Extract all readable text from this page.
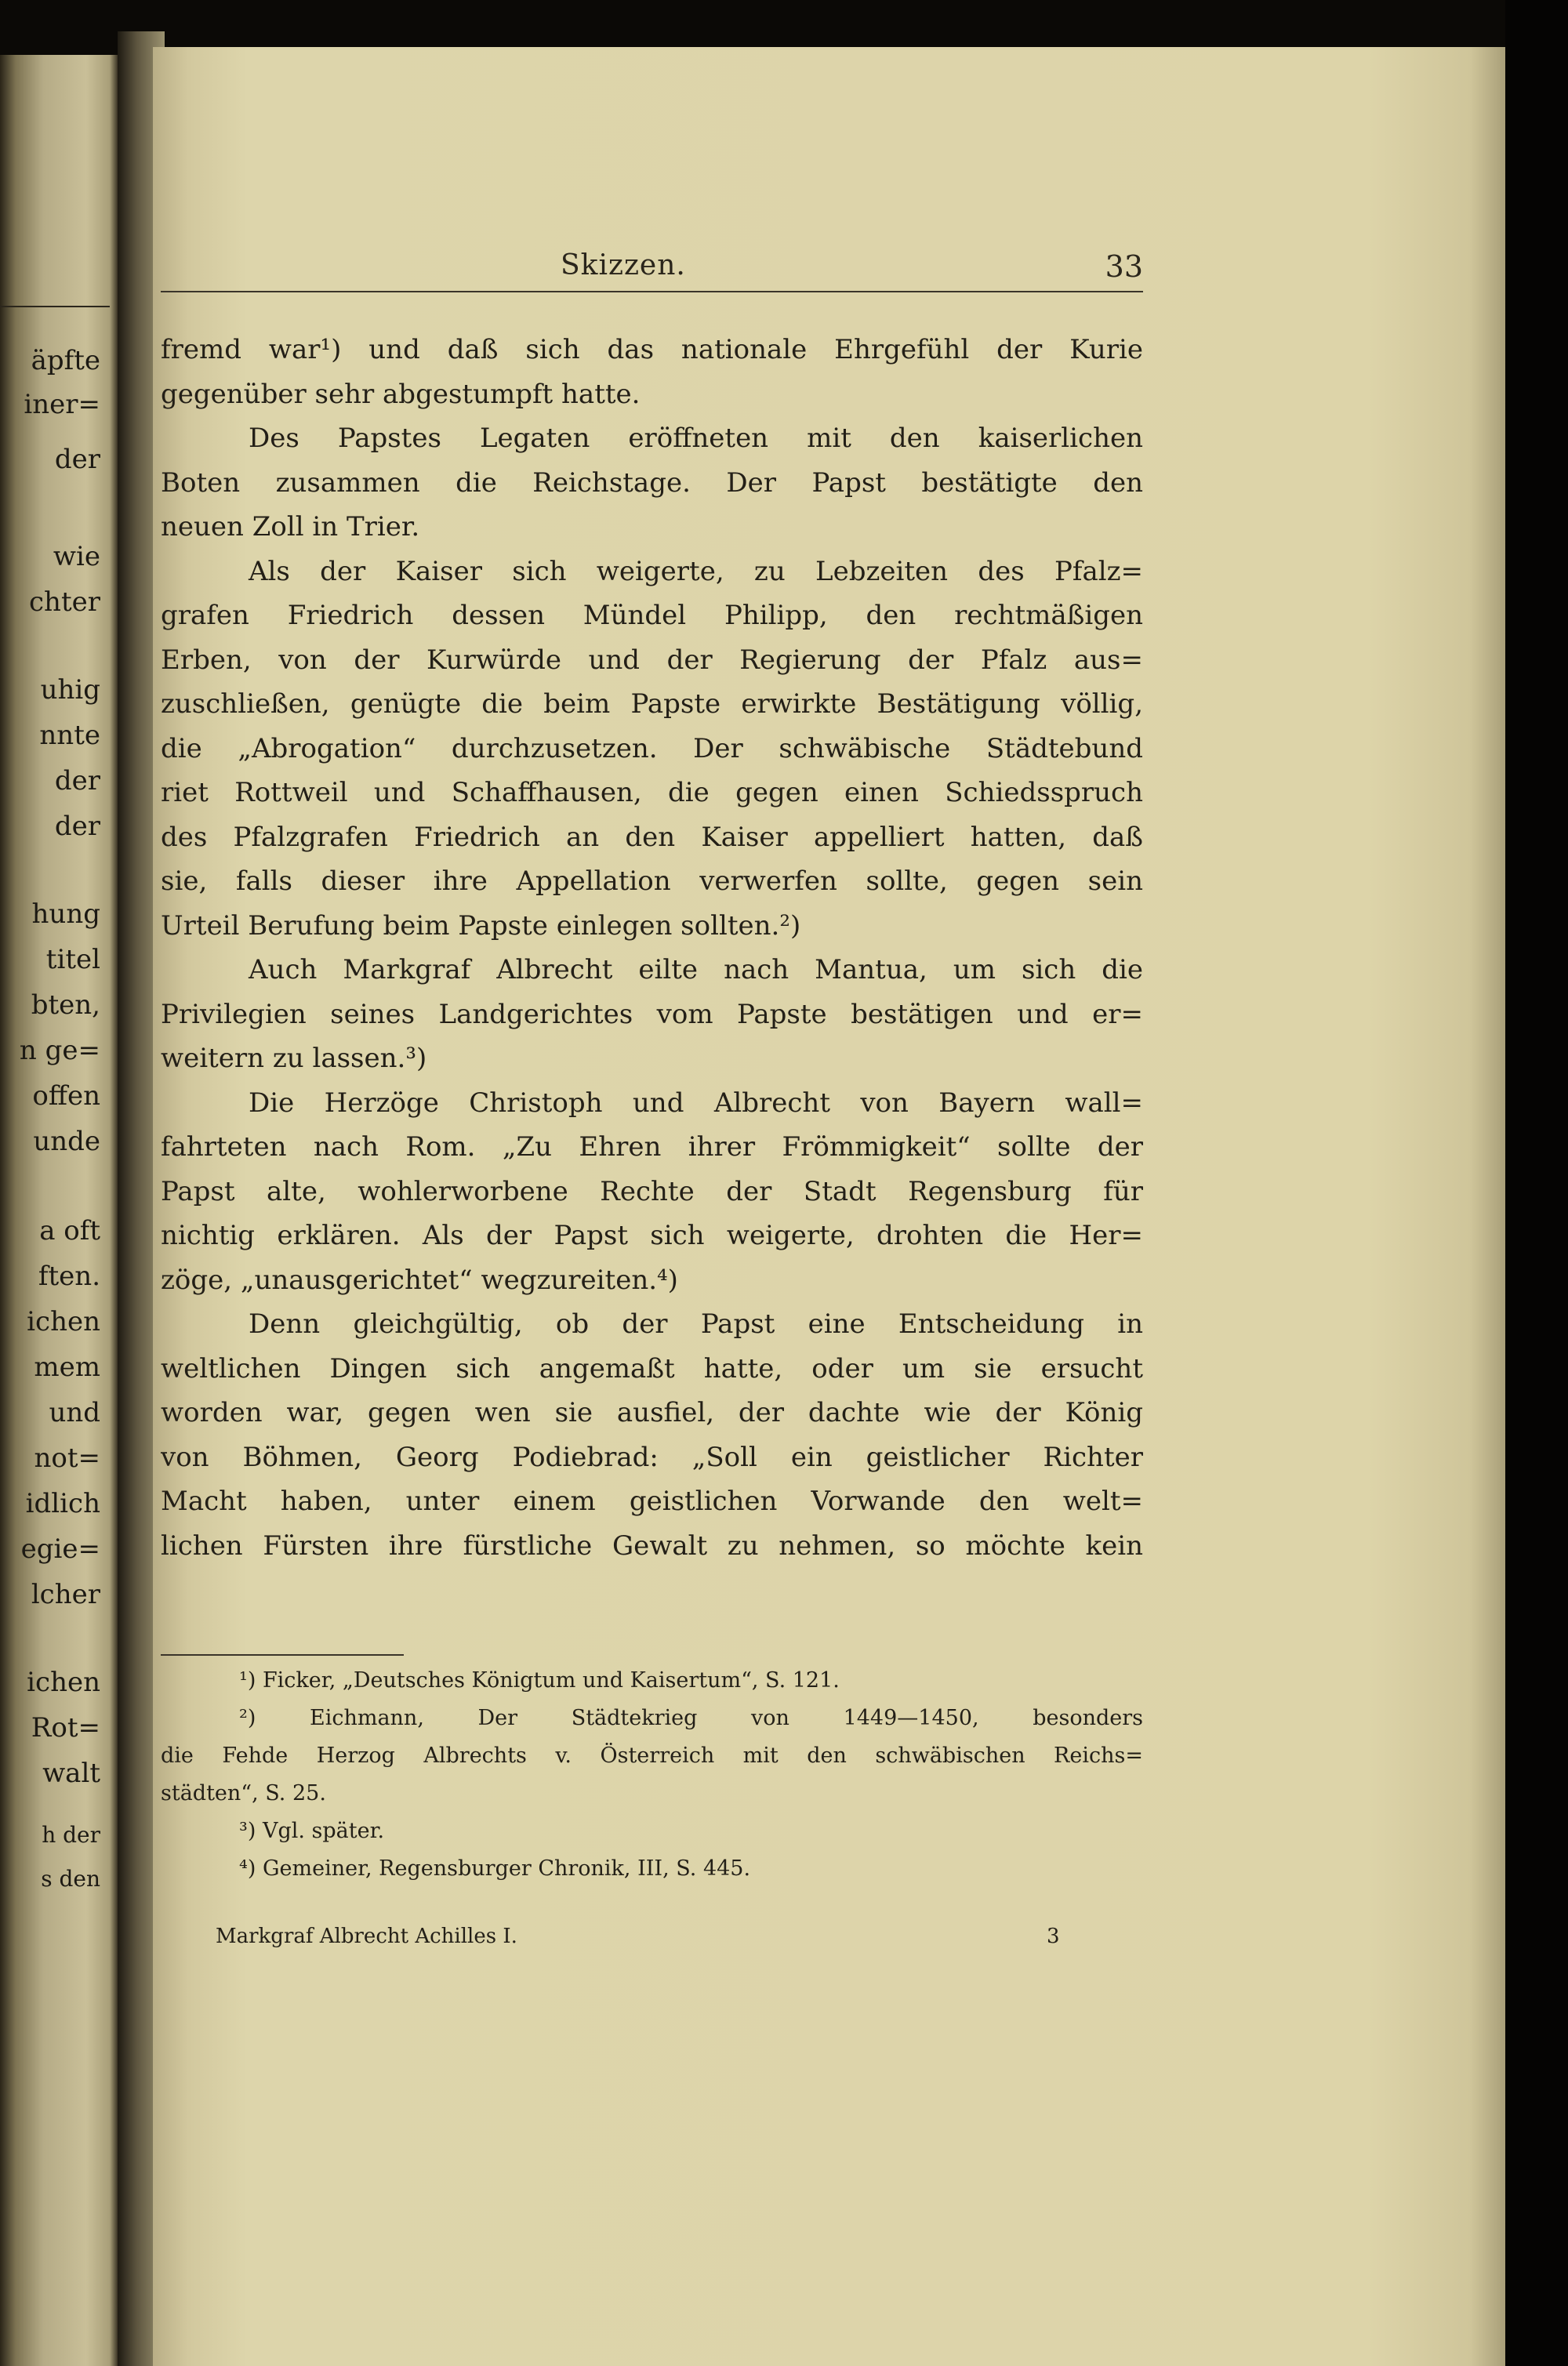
äpfte
iner=
der
wie
chter
uhig
nnte
der
der
hung
titel
bten,
n ge=
offen
unde
a oft
ften.
ichen
mem
und
not=
idlich
egie=
lcher
ichen
Rot=
walt
h der
s den
Skizzen.	33
fremd war¹) und daß sich das nationale Ehrgefühl der Kurie
gegenüber sehr abgestumpft hatte.
Des Papstes Legaten eröffneten mit den kaiserlichen
Boten zusammen die Reichstage. Der Papst bestätigte den
neuen Zoll in Trier.
Als der Kaiser sich weigerte, zu Lebzeiten des Pfalz=
grafen Friedrich dessen Mündel Philipp, den rechtmäßigen
Erben, von der Kurwürde und der Regierung der Pfalz aus=
zuschließen, genügte die beim Papste erwirkte Bestätigung völlig,
die „Abrogation“ durchzusetzen. Der schwäbische Städtebund
riet Rottweil und Schaffhausen, die gegen einen Schiedsspruch
des Pfalzgrafen Friedrich an den Kaiser appelliert hatten, daß
sie, falls dieser ihre Appellation verwerfen sollte, gegen sein
Urteil Berufung beim Papste einlegen sollten.²)
Auch Markgraf Albrecht eilte nach Mantua, um sich die
Privilegien seines Landgerichtes vom Papste bestätigen und er=
weitern zu lassen.³)
Die Herzöge Christoph und Albrecht von Bayern wall=
fahrteten nach Rom. „Zu Ehren ihrer Frömmigkeit“ sollte der
Papst alte, wohlerworbene Rechte der Stadt Regensburg für
nichtig erklären. Als der Papst sich weigerte, drohten die Her=
zöge, „unausgerichtet“ wegzureiten.⁴)
Denn gleichgültig, ob der Papst eine Entscheidung in
weltlichen Dingen sich angemaßt hatte, oder um sie ersucht
worden war, gegen wen sie ausfiel, der dachte wie der König
von Böhmen, Georg Podiebrad: „Soll ein geistlicher Richter
Macht haben, unter einem geistlichen Vorwande den welt=
lichen Fürsten ihre fürstliche Gewalt zu nehmen, so möchte kein
¹) Ficker, „Deutsches Königtum und Kaisertum“, S. 121.
²) Eichmann, Der Städtekrieg von 1449—1450, besonders
die Fehde Herzog Albrechts v. Österreich mit den schwäbischen Reichs=
städten“, S. 25.
³) Vgl. später.
⁴) Gemeiner, Regensburger Chronik, III, S. 445.
Markgraf Albrecht Achilles I.	3
